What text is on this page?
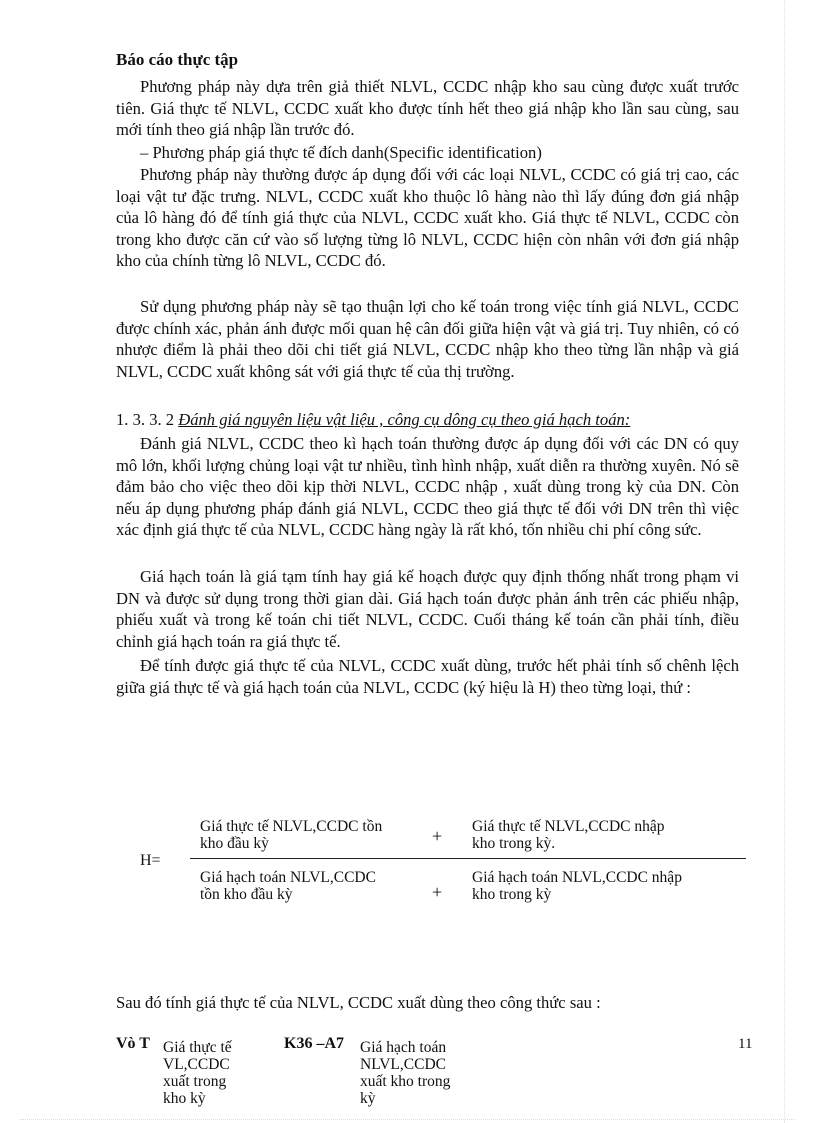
Báo cáo thực tập

Phương pháp này dựa trên giả thiết NLVL, CCDC nhập kho sau cùng được xuất trước tiên. Giá thực tế NLVL, CCDC xuất kho được tính hết theo giá nhập kho lần sau cùng, sau mới tính theo giá nhập lần trước đó.

– Phương pháp giá thực tế đích danh(Specific identification)

Phương pháp này thường được áp dụng đối với các loại NLVL, CCDC có giá trị cao, các loại vật tư đặc trưng. NLVL, CCDC xuất kho thuộc lô hàng nào thì lấy đúng đơn giá nhập của lô hàng đó để tính giá thực của NLVL, CCDC xuất kho. Giá thực tế NLVL, CCDC còn trong kho được căn cứ vào số lượng từng lô NLVL, CCDC hiện còn nhân với đơn giá nhập kho của chính từng lô NLVL, CCDC đó.

Sử dụng phương pháp này sẽ tạo thuận lợi cho kế toán trong việc tính giá NLVL, CCDC được chính xác, phản ánh được mối quan hệ cân đối giữa hiện vật và giá trị. Tuy nhiên, có có nhược điểm là phải theo dõi chi tiết giá NLVL, CCDC nhập kho theo từng lần nhập và giá NLVL, CCDC xuất không sát với giá thực tế của thị trường.

1. 3. 3. 2 Đánh giá nguyên liệu vật liệu , công cụ dông cụ theo giá hạch toán:

Đánh giá NLVL, CCDC theo kì hạch toán thường được áp dụng đối với các DN có quy mô lớn, khối lượng chủng loại vật tư nhiều, tình hình nhập, xuất diễn ra thường xuyên. Nó sẽ đảm bảo cho việc theo dõi kịp thời NLVL, CCDC nhập , xuất dùng trong kỳ của DN. Còn nếu áp dụng phương pháp đánh giá NLVL, CCDC theo giá thực tế đối với DN trên thì việc xác định giá thực tế của NLVL, CCDC hàng ngày là rất khó, tốn nhiều chi phí công sức.

Giá hạch toán là giá tạm tính hay giá kế hoạch được quy định thống nhất trong phạm vi DN và được sử dụng trong thời gian dài. Giá hạch toán được phản ánh trên các phiếu nhập, phiếu xuất và trong kế toán chi tiết NLVL, CCDC. Cuối tháng kế toán cần phải tính, điều chỉnh giá hạch toán ra giá thực tế.

Để tính được giá thực tế của NLVL, CCDC xuất dùng, trước hết phải tính số chênh lệch giữa giá thực tế và giá hạch toán của NLVL, CCDC (ký hiệu là H) theo từng loại, thứ :

H=
Giá thực tế NLVL,CCDC tồn
kho đầu kỳ	+ Giá thực tế NLVL,CCDC nhập
kho trong kỳ.
Giá hạch toán NLVL,CCDC
tồn kho đầu kỳ	+
Giá hạch toán NLVL,CCDC nhập
kho trong kỳ
Sau đó tính giá thực tế của NLVL, CCDC xuất dùng theo công thức sau :
Vò T Giá thực tế
VL,CCDC
xuất trong
kho kỳ
K36 –A7 Giá hạch toán
NLVL,CCDC
xuất kho trong
kỳ
11
